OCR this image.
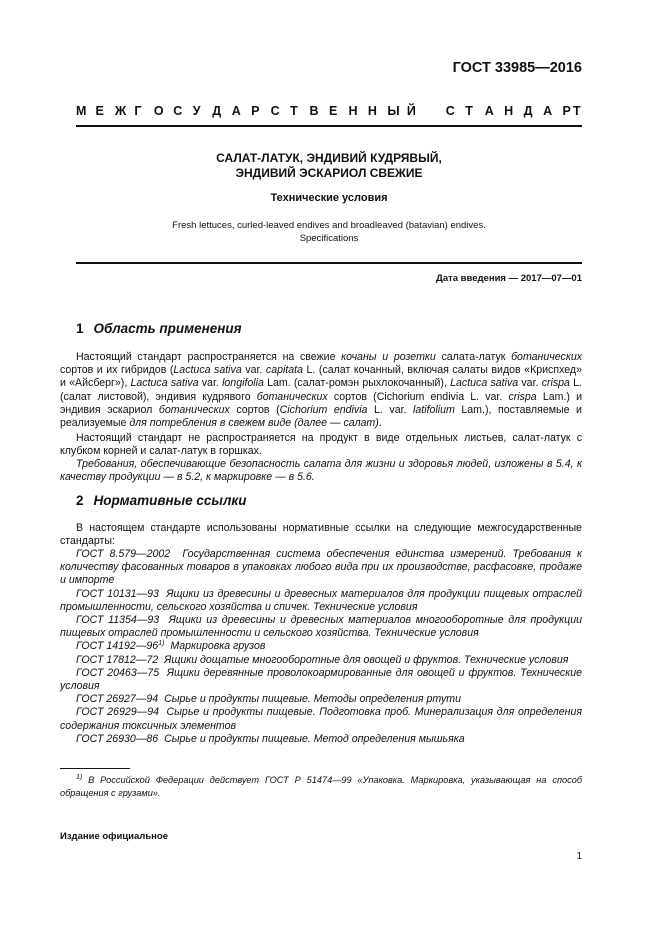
ГОСТ 33985—2016
М Е Ж Г О С У Д А Р С Т В Е Н Н Ы Й С Т А Н Д А Р Т
САЛАТ-ЛАТУК, ЭНДИВИЙ КУДРЯВЫЙ,
ЭНДИВИЙ ЭСКАРИОЛ СВЕЖИЕ
Технические условия
Fresh lettuces, curled-leaved endives and broadleaved (batavian) endives.
Specifications
Дата введения — 2017—07—01
1 Область применения
Настоящий стандарт распространяется на свежие кочаны и розетки салата-латук ботанических сортов и их гибридов (Lactuca sativa var. capitata L. (салат кочанный, включая салаты видов «Криспхед» и «Айсберг»), Lactuca sativa var. longifolia Lam. (салат-ромэн рыхлокочанный), Lactuca sativa var. crispa L. (салат листовой), эндивия кудрявого ботанических сортов (Cichorium endivia L. var. crispa Lam.) и эндивия эскариол ботанических сортов (Cichorium endivia L. var. latifolium Lam.), поставляемые и реализуемые для потребления в свежем виде (далее — салат).
Настоящий стандарт не распространяется на продукт в виде отдельных листьев, салат-латук с клубком корней и салат-латук в горшках.
Требования, обеспечивающие безопасность салата для жизни и здоровья людей, изложены в 5.4, к качеству продукции — в 5.2, к маркировке — в 5.6.
2 Нормативные ссылки
В настоящем стандарте использованы нормативные ссылки на следующие межгосударственные стандарты:
ГОСТ 8.579—2002 Государственная система обеспечения единства измерений. Требования к количеству фасованных товаров в упаковках любого вида при их производстве, расфасовке, продаже и импорте
ГОСТ 10131—93 Ящики из древесины и древесных материалов для продукции пищевых отраслей промышленности, сельского хозяйства и спичек. Технические условия
ГОСТ 11354—93 Ящики из древесины и древесных материалов многооборотные для продукции пищевых отраслей промышленности и сельского хозяйства. Технические условия
ГОСТ 14192—96$^{1)}$ Маркировка грузов
ГОСТ 17812—72 Ящики дощатые многооборотные для овощей и фруктов. Технические условия
ГОСТ 20463—75 Ящики деревянные проволокоармированные для овощей и фруктов. Технические условия
ГОСТ 26927—94 Сырье и продукты пищевые. Методы определения ртути
ГОСТ 26929—94 Сырье и продукты пищевые. Подготовка проб. Минерализация для определения содержания токсичных элементов
ГОСТ 26930—86 Сырье и продукты пищевые. Метод определения мышьяка
$^{1)}$ В Российской Федерации действует ГОСТ Р 51474—99 «Упаковка. Маркировка, указывающая на способ обращения с грузами».
Издание официальное
1
